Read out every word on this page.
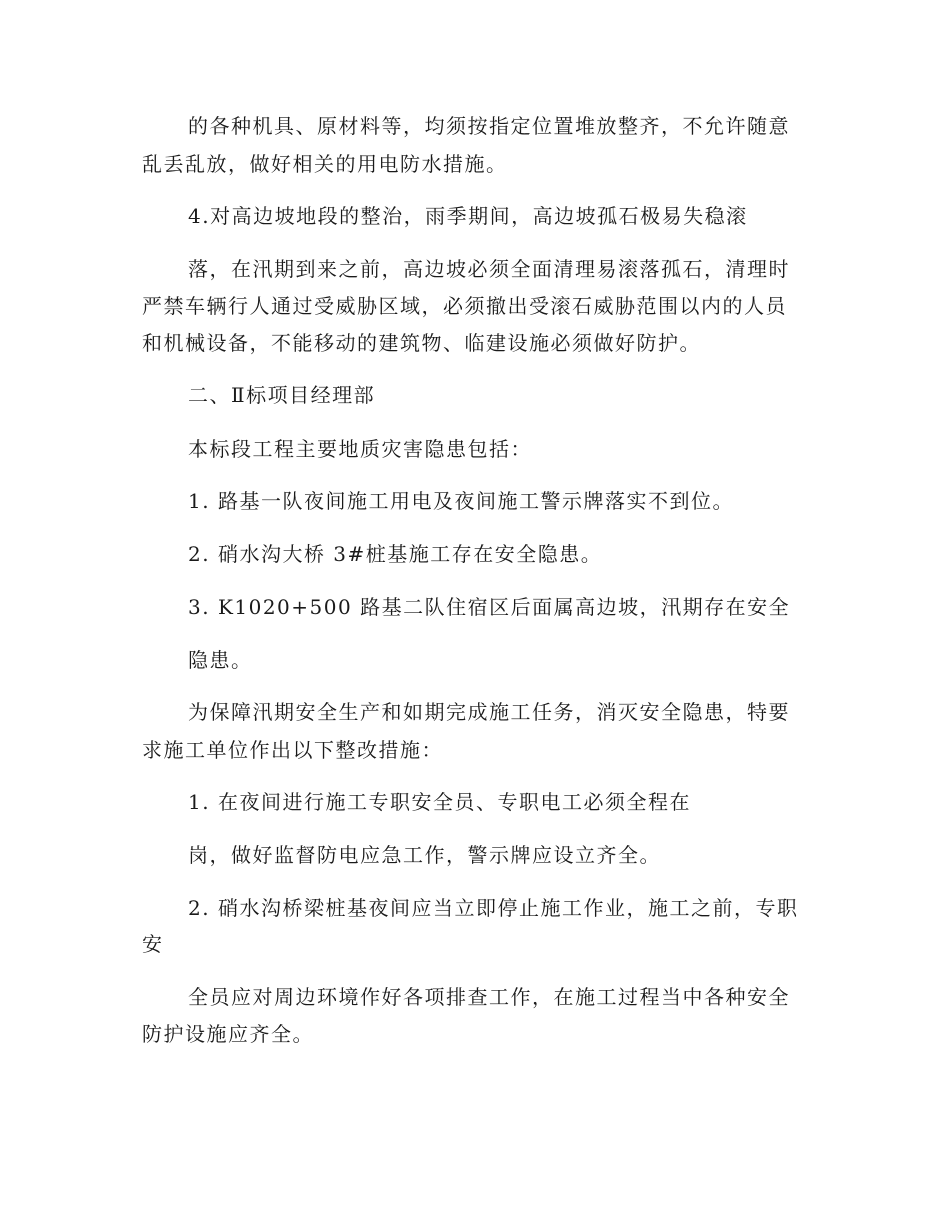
的各种机具、原材料等，均须按指定位置堆放整齐，不允许随意
乱丢乱放，做好相关的用电防水措施。
4.对高边坡地段的整治，雨季期间，高边坡孤石极易失稳滚
落，在汛期到来之前，高边坡必须全面清理易滚落孤石，清理时
严禁车辆行人通过受威胁区域，必须撤出受滚石威胁范围以内的人员
和机械设备，不能移动的建筑物、临建设施必须做好防护。
二、Ⅱ标项目经理部
本标段工程主要地质灾害隐患包括：
1. 路基一队夜间施工用电及夜间施工警示牌落实不到位。
2. 硝水沟大桥 3#桩基施工存在安全隐患。
3. K1020+500 路基二队住宿区后面属高边坡，汛期存在安全
隐患。
为保障汛期安全生产和如期完成施工任务，消灭安全隐患，特要
求施工单位作出以下整改措施：
1. 在夜间进行施工专职安全员、专职电工必须全程在
岗，做好监督防电应急工作，警示牌应设立齐全。
2. 硝水沟桥梁桩基夜间应当立即停止施工作业，施工之前，专职
安
全员应对周边环境作好各项排查工作，在施工过程当中各种安全
防护设施应齐全。
